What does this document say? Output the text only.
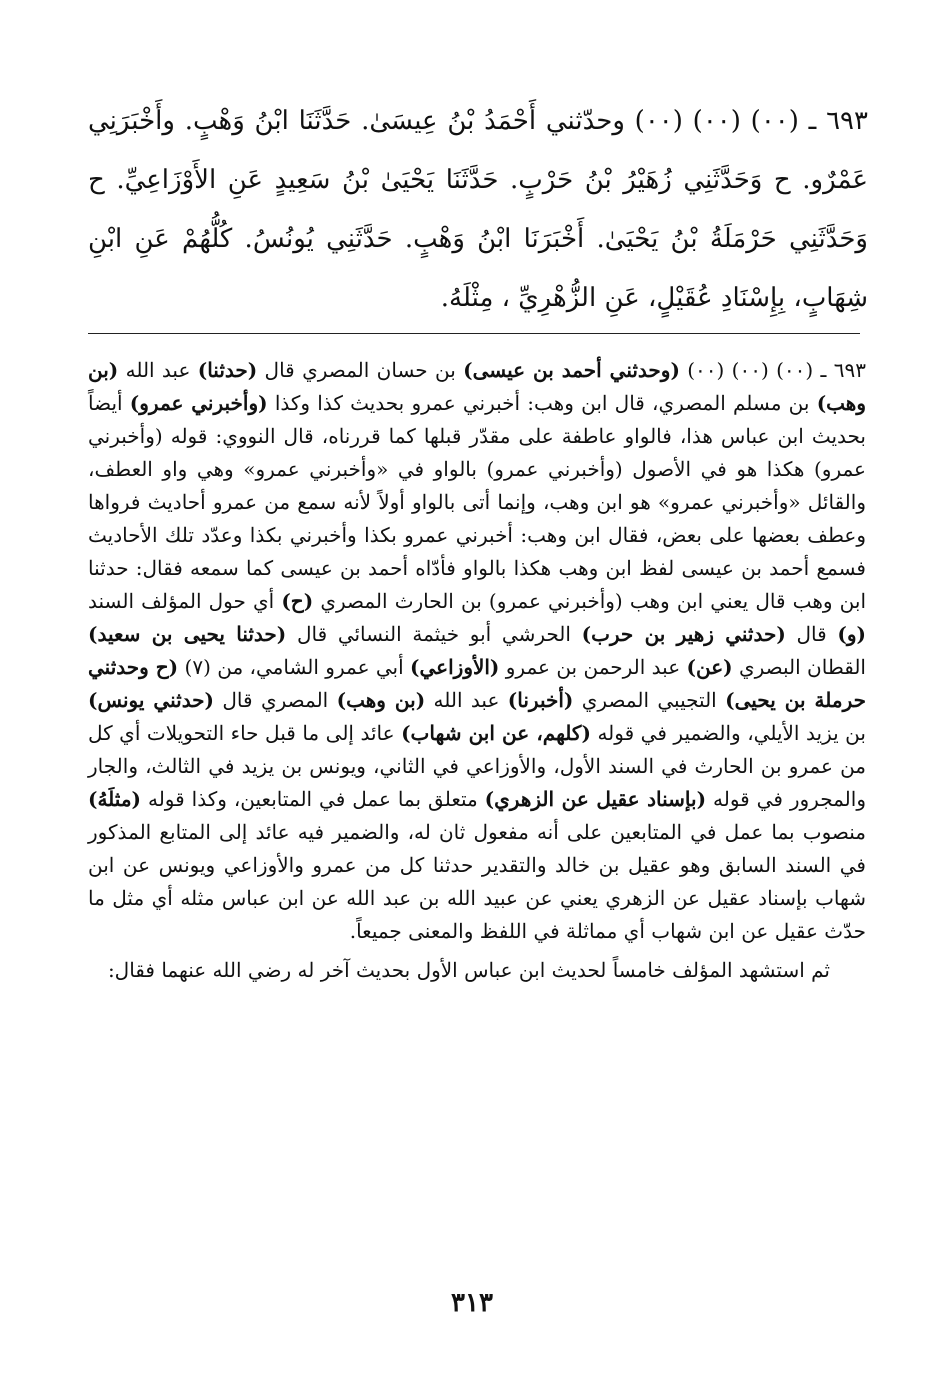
٦٩٣ ـ (٠٠) (٠٠) (٠٠) وحدّثني أَحْمَدُ بْنُ عِيسَىٰ. حَدَّثَنَا ابْنُ وَهْبٍ. وأَخْبَرَنِي عَمْرٌو. ح وَحَدَّثَنِي زُهَيْرُ بْنُ حَرْبٍ. حَدَّثَنَا يَحْيَىٰ بْنُ سَعِيدٍ عَنِ الأَوْزَاعِيِّ. ح وَحَدَّثَنِي حَرْمَلَةُ بْنُ يَحْيَىٰ. أَخْبَرَنَا ابْنُ وَهْبٍ. حَدَّثَنِي يُونُسُ. كُلُّهُمْ عَنِ ابْنِ شِهَابٍ، بِإِسْنَادِ عُقَيْلٍ، عَنِ الزُّهْرِيِّ ، مِثْلَهُ.

٦٩٣ ـ (٠٠) (٠٠) (٠٠) (وحدثني أحمد بن عيسى) بن حسان المصري قال (حدثنا) عبد الله (بن وهب) بن مسلم المصري، قال ابن وهب: أخبرني عمرو بحديث كذا وكذا (وأخبرني عمرو) أيضاً بحديث ابن عباس هذا، فالواو عاطفة على مقدّر قبلها كما قررناه، قال النووي: قوله (وأخبرني عمرو) هكذا هو في الأصول (وأخبرني عمرو) بالواو في «وأخبرني عمرو» وهي واو العطف، والقائل «وأخبرني عمرو» هو ابن وهب، وإنما أتى بالواو أولاً لأنه سمع من عمرو أحاديث فرواها وعطف بعضها على بعض، فقال ابن وهب: أخبرني عمرو بكذا وأخبرني بكذا وعدّد تلك الأحاديث فسمع أحمد بن عيسى لفظ ابن وهب هكذا بالواو فأدّاه أحمد بن عيسى كما سمعه فقال: حدثنا ابن وهب قال يعني ابن وهب (وأخبرني عمرو) بن الحارث المصري (ح) أي حول المؤلف السند (و) قال (حدثني زهير بن حرب) الحرشي أبو خيثمة النسائي قال (حدثنا يحيى بن سعيد) القطان البصري (عن) عبد الرحمن بن عمرو (الأوزاعي) أبي عمرو الشامي، من (٧) (ح وحدثني حرملة بن يحيى) التجيبي المصري (أخبرنا) عبد الله (بن وهب) المصري قال (حدثني يونس) بن يزيد الأيلي، والضمير في قوله (كلهم، عن ابن شهاب) عائد إلى ما قبل حاء التحويلات أي كل من عمرو بن الحارث في السند الأول، والأوزاعي في الثاني، ويونس بن يزيد في الثالث، والجار والمجرور في قوله (بإسناد عقيل عن الزهري) متعلق بما عمل في المتابعين، وكذا قوله (مثلَهُ) منصوب بما عمل في المتابعين على أنه مفعول ثان له، والضمير فيه عائد إلى المتابع المذكور في السند السابق وهو عقيل بن خالد والتقدير حدثنا كل من عمرو والأوزاعي ويونس عن ابن شهاب بإسناد عقيل عن الزهري يعني عن عبيد الله بن عبد الله عن ابن عباس مثله أي مثل ما حدّث عقيل عن ابن شهاب أي مماثلة في اللفظ والمعنى جميعاً.

ثم استشهد المؤلف خامساً لحديث ابن عباس الأول بحديث آخر له رضي الله عنهما فقال:

٣١٣
